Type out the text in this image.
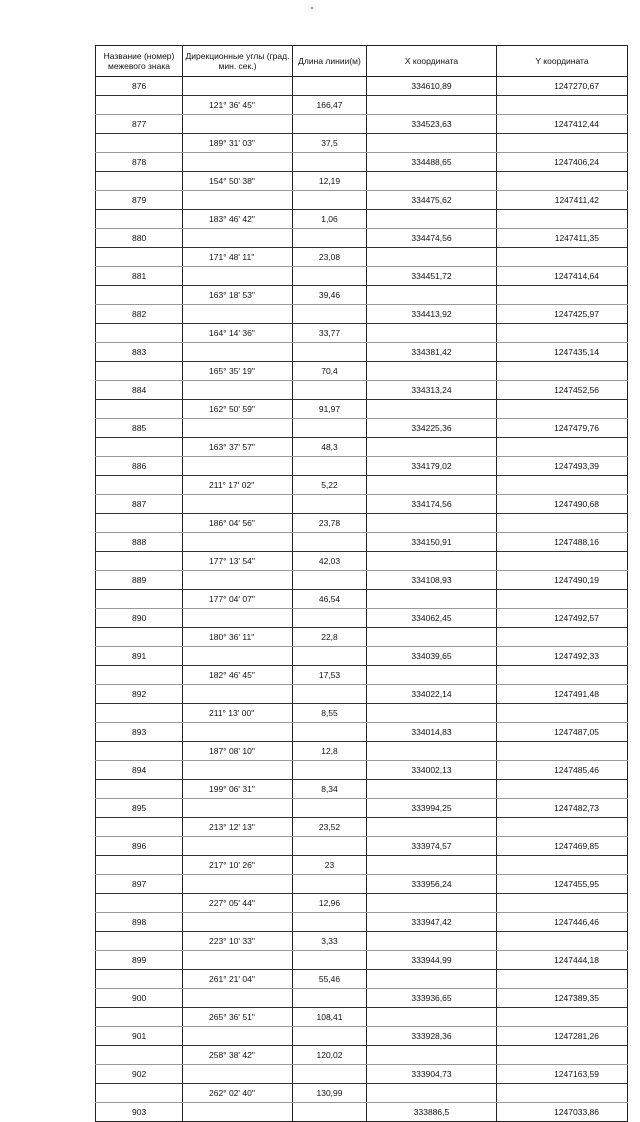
Название (номер) межевого знака	Дирекционные углы (град. мин. сек.)	Длина линии(м)	X координата	Y координата
876			334610,89	1247270,67
	121° 36' 45"	166,47		
877			334523,63	1247412,44
	189° 31' 03"	37,5		
878			334488,65	1247406,24
	154° 50' 38"	12,19		
879			334475,62	1247411,42
	183° 46' 42"	1,06		
880			334474,56	1247411,35
	171° 48' 11"	23,08		
881			334451,72	1247414,64
	163° 18' 53"	39,46		
882			334413,92	1247425,97
	164° 14' 36"	33,77		
883			334381,42	1247435,14
	165° 35' 19"	70,4		
884			334313,24	1247452,56
	162° 50' 59"	91,97		
885			334225,36	1247479,76
	163° 37' 57"	48,3		
886			334179,02	1247493,39
	211° 17' 02"	5,22		
887			334174,56	1247490,68
	186° 04' 56"	23,78		
888			334150,91	1247488,16
	177° 13' 54"	42,03		
889			334108,93	1247490,19
	177° 04' 07"	46,54		
890			334062,45	1247492,57
	180° 36' 11"	22,8		
891			334039,65	1247492,33
	182° 46' 45"	17,53		
892			334022,14	1247491,48
	211° 13' 00"	8,55		
893			334014,83	1247487,05
	187° 08' 10"	12,8		
894			334002,13	1247485,46
	199° 06' 31"	8,34		
895			333994,25	1247482,73
	213° 12' 13"	23,52		
896			333974,57	1247469,85
	217° 10' 26"	23		
897			333956,24	1247455,95
	227° 05' 44"	12,96		
898			333947,42	1247446,46
	223° 10' 33"	3,33		
899			333944,99	1247444,18
	261° 21' 04"	55,46		
900			333936,65	1247389,35
	265° 36' 51"	108,41		
901			333928,36	1247281,26
	258° 38' 42"	120,02		
902			333904,73	1247163,59
	262° 02' 40"	130,99		
903			333886,5	1247033,86
